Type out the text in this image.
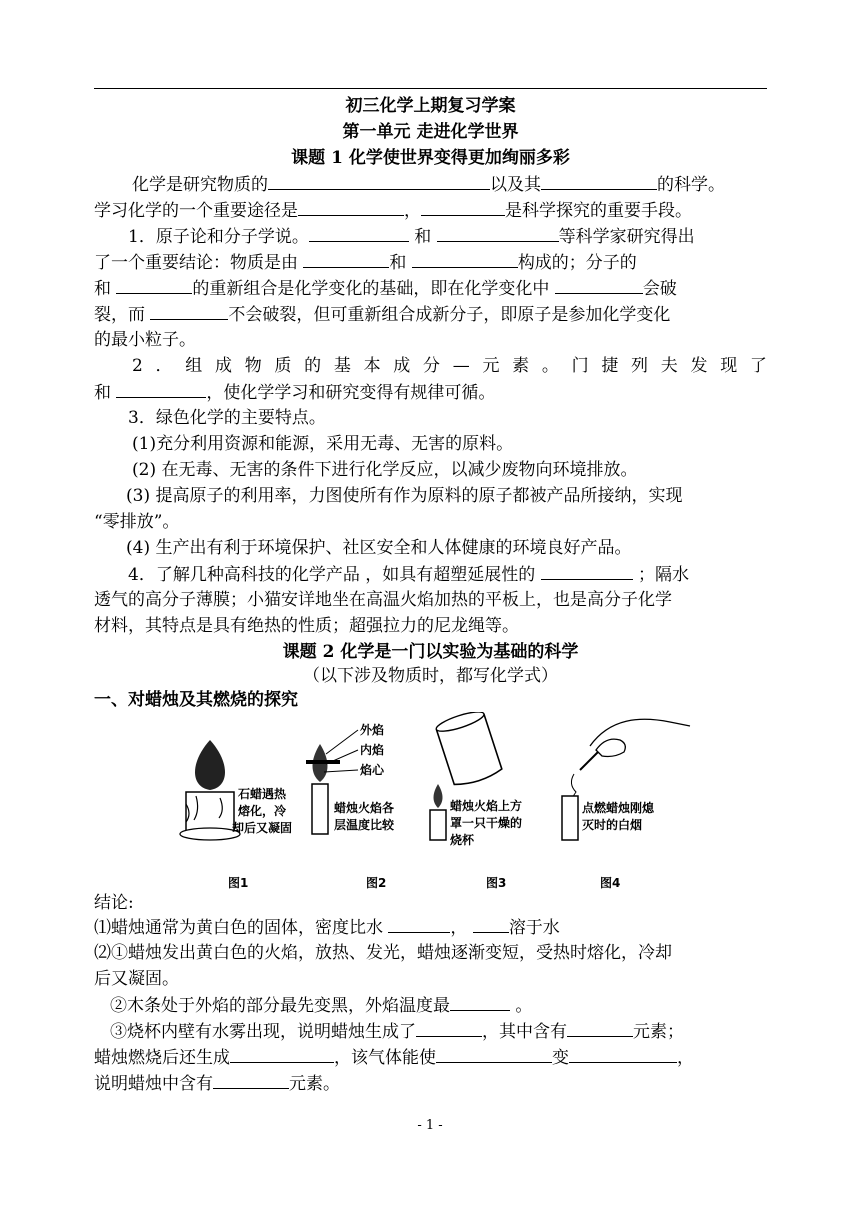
初三化学上期复习学案
第一单元 走进化学世界
课题 1 化学使世界变得更加绚丽多彩
化学是研究物质的	以及其	的科学。
学习化学的一个重要途径是	，	是科学探究的重要手段。
1．原子论和分子学说。	和	等科学家研究得出
了一个重要结论：物质是由	和	构成的；分子的
和	的重新组合是化学变化的基础，即在化学变化中	会破
裂，而	不会破裂，但可重新组合成新分子，即原子是参加化学变化
的最小粒子。
2 ． 组 成 物 质 的 基 本 成 分 — 元 素 。 门 捷 列 夫 发 现 了
和	，使化学学习和研究变得有规律可循。
3．绿色化学的主要特点。
(1)充分利用资源和能源，采用无毒、无害的原料。
(2) 在无毒、无害的条件下进行化学反应，以减少废物向环境排放。
(3) 提高原子的利用率，力图使所有作为原料的原子都被产品所接纳，实现
“零排放”。
(4) 生产出有利于环境保护、社区安全和人体健康的环境良好产品。
4．了解几种高科技的化学产品 ，如具有超塑延展性的	；隔水
透气的高分子薄膜；小猫安详地坐在高温火焰加热的平板上，也是高分子化学
材料，其特点是具有绝热的性质；超强拉力的尼龙绳等。
课题 2 化学是一门以实验为基础的科学
（以下涉及物质时，都写化学式）
一、对蜡烛及其燃烧的探究
石蜡遇热
熔化，冷
却后又凝固
图1
外焰
内焰
焰心
蜡烛火焰各
层温度比较
图2
蜡烛火焰上方
罩一只干燥的
烧杯
图3
点燃蜡烛刚熄
灭时的白烟
图4
结论:
⑴蜡烛通常为黄白色的固体，密度比水	， 溶于水
⑵①蜡烛发出黄白色的火焰，放热、发光，蜡烛逐渐变短，受热时熔化，冷却
后又凝固。
②木条处于外焰的部分最先变黑，外焰温度最	。
③烧杯内壁有水雾出现，说明蜡烛生成了	，其中含有	元素；
蜡烛燃烧后还生成	，该气体能使	变	，
说明蜡烛中含有	元素。
- 1 -
